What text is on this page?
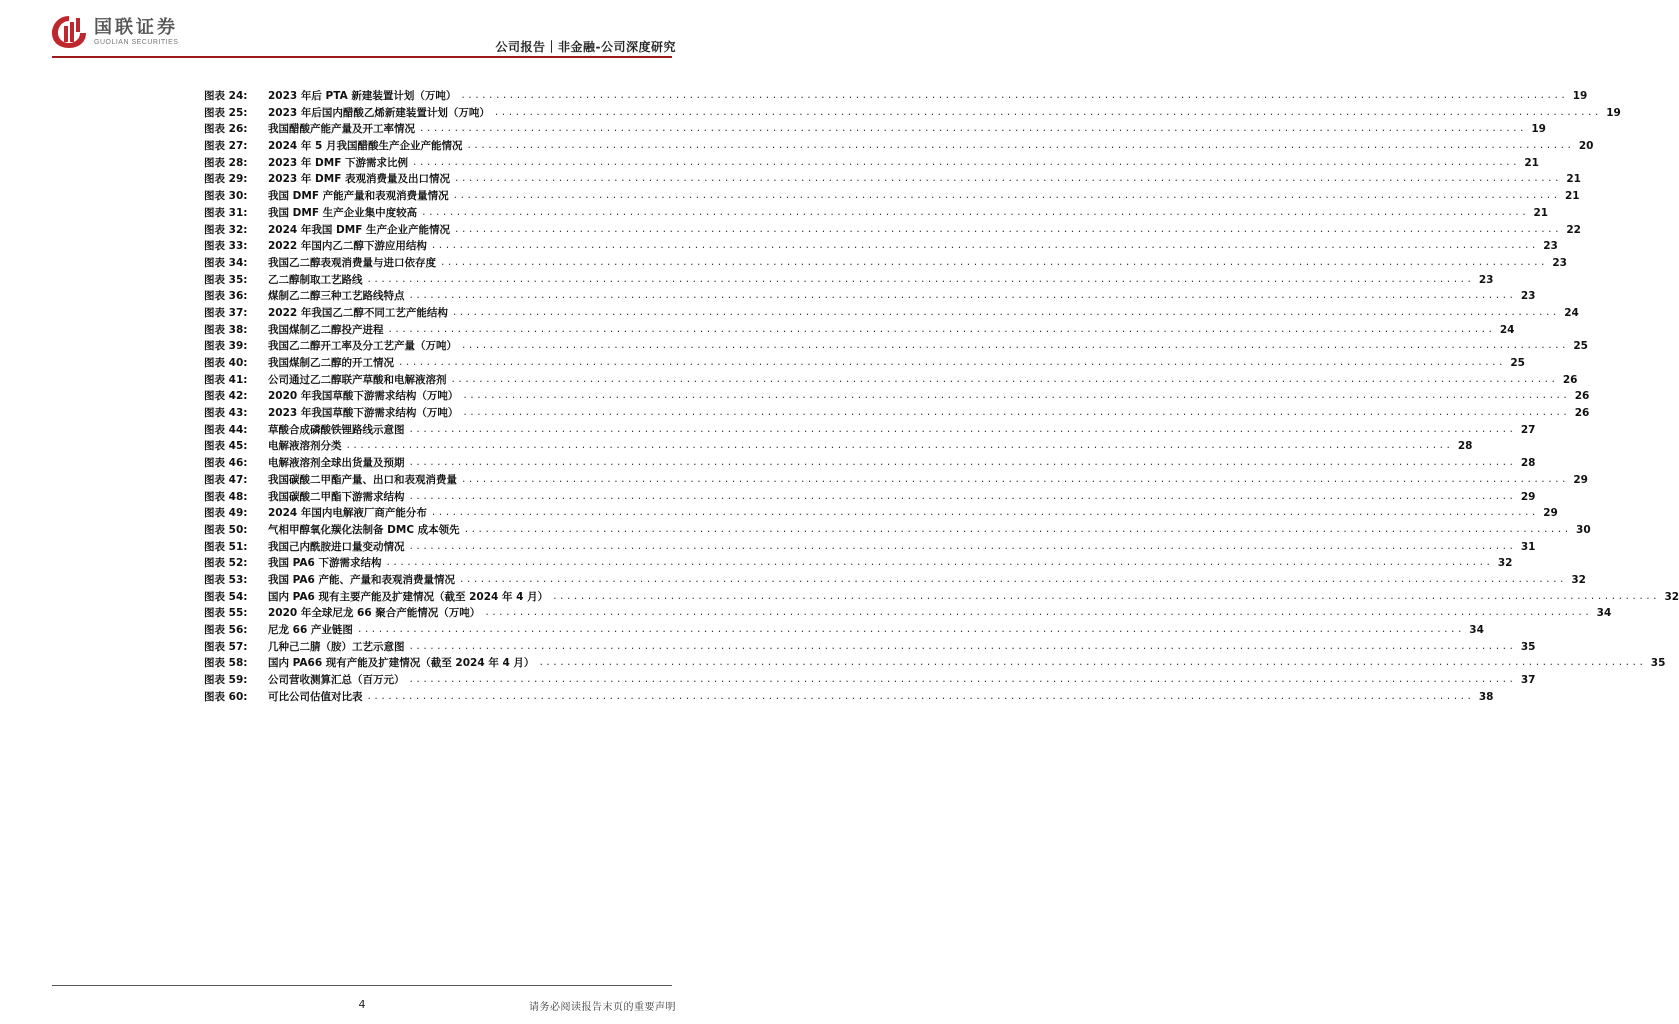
国联证券
GUOLIAN SECURITIES	公司报告｜非金融-公司深度研究
图表 24:	2023 年后 PTA 新建装置计划（万吨） ................................................................................................................................................................ 19
图表 25:	2023 年后国内醋酸乙烯新建装置计划（万吨） ................................................................................................................................................................ 19
图表 26:	我国醋酸产能产量及开工率情况 ................................................................................................................................................................ 19
图表 27:	2024 年 5 月我国醋酸生产企业产能情况 ................................................................................................................................................................ 20
图表 28:	2023 年 DMF 下游需求比例 ................................................................................................................................................................ 21
图表 29:	2023 年 DMF 表观消费量及出口情况 ................................................................................................................................................................ 21
图表 30:	我国 DMF 产能产量和表观消费量情况 ................................................................................................................................................................ 21
图表 31:	我国 DMF 生产企业集中度较高 ................................................................................................................................................................ 21
图表 32:	2024 年我国 DMF 生产企业产能情况 ................................................................................................................................................................ 22
图表 33:	2022 年国内乙二醇下游应用结构 ................................................................................................................................................................ 23
图表 34:	我国乙二醇表观消费量与进口依存度 ................................................................................................................................................................ 23
图表 35:	乙二醇制取工艺路线 ................................................................................................................................................................ 23
图表 36:	煤制乙二醇三种工艺路线特点 ................................................................................................................................................................ 23
图表 37:	2022 年我国乙二醇不同工艺产能结构 ................................................................................................................................................................ 24
图表 38:	我国煤制乙二醇投产进程 ................................................................................................................................................................ 24
图表 39:	我国乙二醇开工率及分工艺产量（万吨） ................................................................................................................................................................ 25
图表 40:	我国煤制乙二醇的开工情况 ................................................................................................................................................................ 25
图表 41:	公司通过乙二醇联产草酸和电解液溶剂 ................................................................................................................................................................ 26
图表 42:	2020 年我国草酸下游需求结构（万吨） ................................................................................................................................................................ 26
图表 43:	2023 年我国草酸下游需求结构（万吨） ................................................................................................................................................................ 26
图表 44:	草酸合成磷酸铁锂路线示意图 ................................................................................................................................................................ 27
图表 45:	电解液溶剂分类 ................................................................................................................................................................ 28
图表 46:	电解液溶剂全球出货量及预期 ................................................................................................................................................................ 28
图表 47:	我国碳酸二甲酯产量、出口和表观消费量 ................................................................................................................................................................ 29
图表 48:	我国碳酸二甲酯下游需求结构 ................................................................................................................................................................ 29
图表 49:	2024 年国内电解液厂商产能分布 ................................................................................................................................................................ 29
图表 50:	气相甲醇氧化羰化法制备 DMC 成本领先 ................................................................................................................................................................ 30
图表 51:	我国己内酰胺进口量变动情况 ................................................................................................................................................................ 31
图表 52:	我国 PA6 下游需求结构 ................................................................................................................................................................ 32
图表 53:	我国 PA6 产能、产量和表观消费量情况 ................................................................................................................................................................ 32
图表 54:	国内 PA6 现有主要产能及扩建情况（截至 2024 年 4 月） ................................................................................................................................................................ 32
图表 55:	2020 年全球尼龙 66 聚合产能情况（万吨） ................................................................................................................................................................ 34
图表 56:	尼龙 66 产业链图 ................................................................................................................................................................ 34
图表 57:	几种己二腈（胺）工艺示意图 ................................................................................................................................................................ 35
图表 58:	国内 PA66 现有产能及扩建情况（截至 2024 年 4 月） ................................................................................................................................................................ 35
图表 59:	公司营收测算汇总（百万元） ................................................................................................................................................................ 37
图表 60:	可比公司估值对比表 ................................................................................................................................................................ 38
4	请务必阅读报告末页的重要声明
